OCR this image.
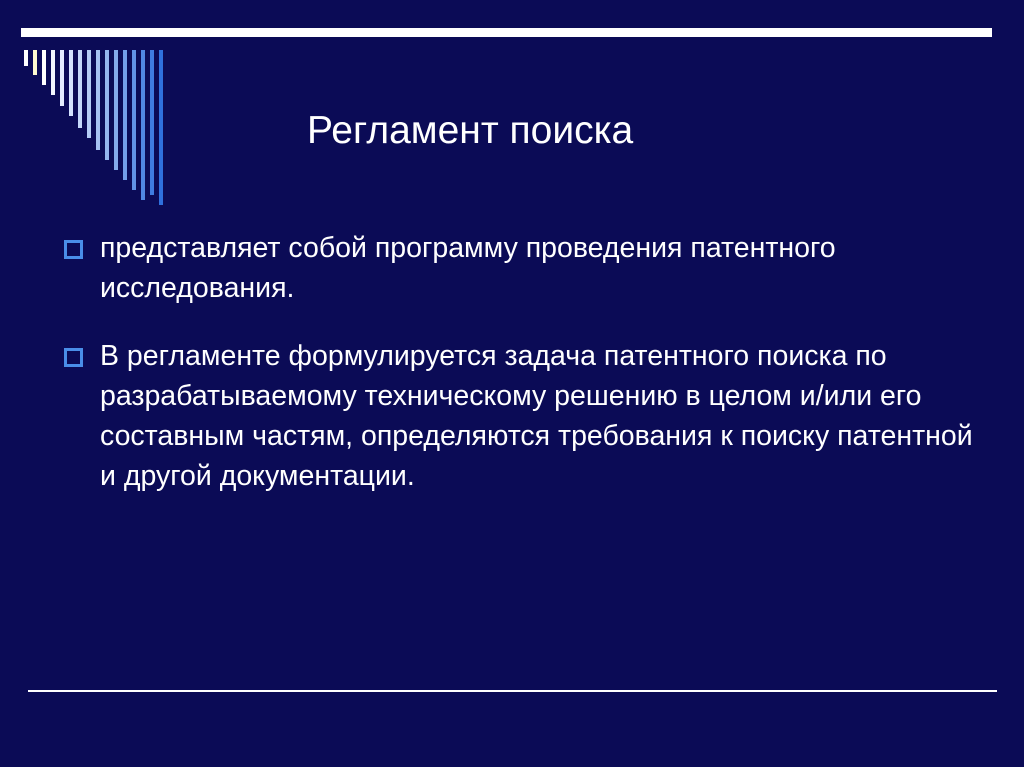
Регламент поиска
представляет собой программу проведения патентного исследования.
В регламенте формулируется задача патентного поиска по разрабатываемому техническому решению в целом и/или его составным частям, определяются требования к поиску патентной и другой документации.
